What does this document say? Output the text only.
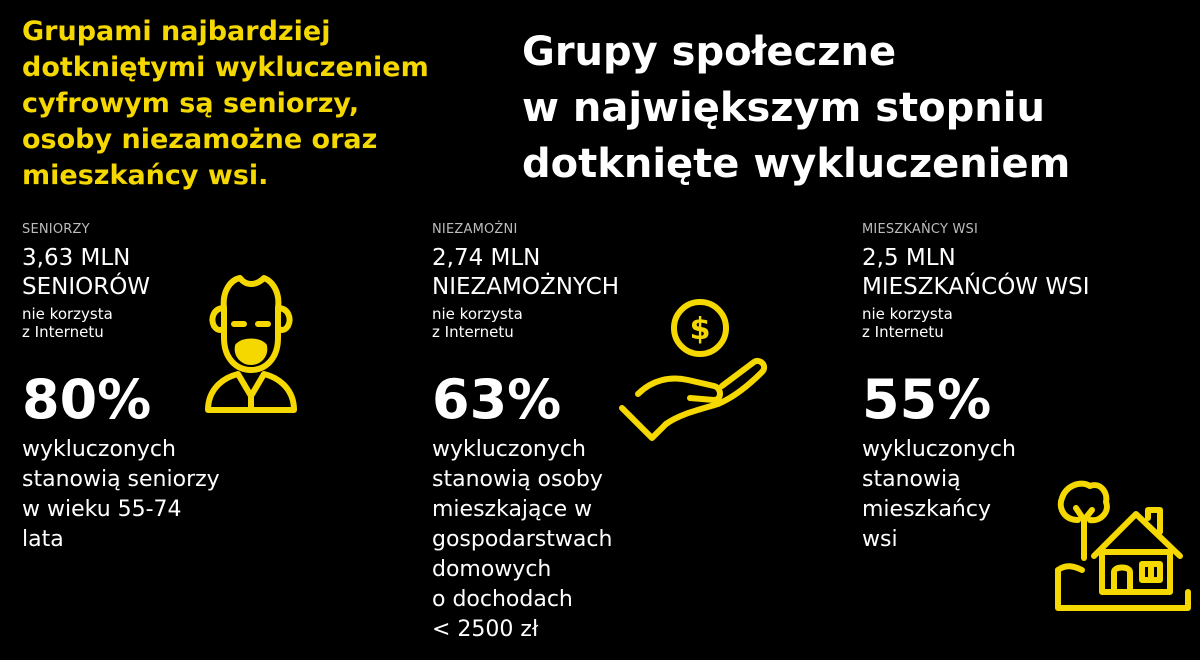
Grupami najbardziej
dotkniętymi wykluczeniem
cyfrowym są seniorzy,
osoby niezamożne oraz
mieszkańcy wsi.
Grupy społeczne
w największym stopniu
dotknięte wykluczeniem
SENIORZY
3,63 MLN
SENIORÓW
nie korzysta
z Internetu
80%
wykluczonych
stanowią seniorzy
w wieku 55-74
lata
NIEZAMOŻNI
2,74 MLN
NIEZAMOŻNYCH
nie korzysta
z Internetu
63%
wykluczonych
stanowią osoby
mieszkające w
gospodarstwach
domowych
o dochodach
< 2500 zł
MIESZKAŃCY WSI
2,5 MLN
MIESZKAŃCÓW WSI
nie korzysta
z Internetu
55%
wykluczonych
stanowią
mieszkańcy
wsi
$
